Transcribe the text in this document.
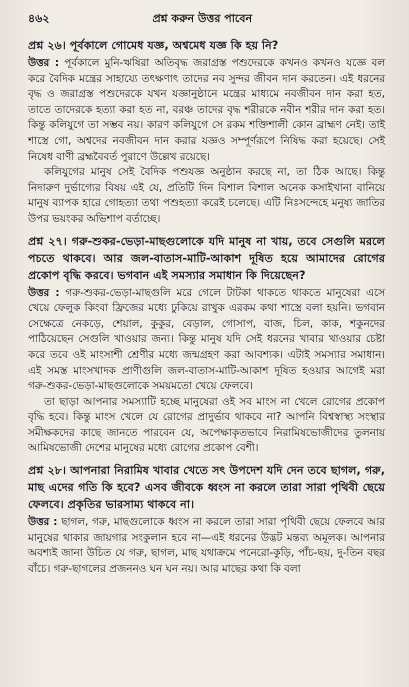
৪৬২	প্রশ্ন করুন উত্তর পাবেন

প্রশ্ন ২৬। পূর্বকালে গোমেধ যজ্ঞ, অশ্বমেধ যজ্ঞ কি হয় নি?

উত্তর : পূর্বকালে মুনি-ঋষিরা অতিবৃদ্ধ জরাগ্রস্ত পশুদেরকে কখনও কখনও যজ্ঞে বল করে বৈদিক মন্ত্রের সাহায্যে তৎক্ষণাৎ তাদের নব সুন্দর জীবন দান করতেন। এই ধরনের বৃদ্ধ ও জরাগ্রস্ত পশুদেরকে যখন যজ্ঞানুষ্ঠানে মন্ত্রের মাধ্যমে নবজীবন দান করা হত, তাতে তাদেরকে হত্যা করা হত না, বরঞ্চ তাদের বৃদ্ধ শরীরকে নবীন শরীর দান করা হত। কিন্তু কলিযুগে তা সম্ভব নয়। কারণ কলিযুগে সে রকম শক্তিশালী কোন ব্রাহ্মণ নেই। তাই শাস্ত্রে গো, অশ্বদের নবজীবন দান করার যজ্ঞও সম্পূর্ণরূপে নিষিদ্ধ করা হয়েছে। সেই নিষেধ বাণী ব্রহ্মবৈবর্ত পুরাণে উল্লেখ রয়েছে।

কলিযুগের মানুষ সেই বৈদিক পশুযজ্ঞ অনুষ্ঠান করছে না, তা ঠিক আছে। কিন্তু নিদারুণ দুর্ভাগ্যের বিষয় এই যে, প্রতিটি দিন বিশাল বিশাল অনেক কসাইখানা বানিয়ে মানুষ ব্যাপক হারে গোহত্যা তথা পশুহত্যা করেই চলেছে। এটি নিঃসন্দেহে মনুষ্য জাতির উপর ভয়ংকর অভিশাপ বর্তাচ্ছে।

প্রশ্ন ২৭। গরু-শুকর-ভেড়া-মাছগুলোকে যদি মানুষ না খায়, তবে সেগুলি মরলে পচতে থাকবে। আর জল-বাতাস-মাটি-আকাশ দূষিত হয়ে আমাদের রোগের প্রকোপ বৃদ্ধি করবে। ভগবান এই সমস্যার সমাধান কি দিয়েছেন?

উত্তর : গরু-শুকর-ভেড়া-মাছগুলি মরে গেলে টাটকা থাকতে থাকতে মানুষেরা এসে খেয়ে ফেলুক কিংবা ফ্রিজের মধ্যে ঢুকিয়ে রাখুক এরকম কথা শাস্ত্রে বলা হয়নি। ভগবান সেক্ষেত্রে নেকড়ে, শেয়াল, কুকুর, বেড়াল, গোসাপ, বাজ, চিল, কাক, শকুনদের পাঠিয়েছেন সেগুলি খাওয়ার জন্য। কিন্তু মানুষ যদি সেই ধরনের খাবার খাওয়ার চেষ্টা করে তবে ওই মাংসাশী শ্রেণীর মধ্যে জন্মগ্রহণ করা আবশ্যক। এটাই সমস্যার সমাধান। এই সমস্ত মাংসখাদক প্রাণীগুলি জল-বাতাস-মাটি-আকাশ দূষিত হওয়ার আগেই মরা গরু-শুকর-ভেড়া-মাছগুলোকে সময়মতো খেয়ে ফেলবে।

তা ছাড়া আপনার সমস্যাটি হচ্ছে মানুষেরা ওই সব মাংস না খেলে রোগের প্রকোপ বৃদ্ধি হবে। কিন্তু মাংস খেলে যে রোগের প্রাদুর্ভাব থাকবে না? আপনি বিশ্বস্বাস্থ্য সংস্থার সমীক্ষকদের কাছে জানতে পারবেন যে, অপেক্ষাকৃতভাবে নিরামিষভোজীদের তুলনায় আমিষভোজী দেশের মানুষের মধ্যে রোগের প্রকোপ বেশী।

প্রশ্ন ২৮। আপনারা নিরামিষ খাবার খেতে সৎ উপদেশ যদি দেন তবে ছাগল, গরু, মাছ এদের গতি কি হবে? এসব জীবকে ধ্বংস না করলে তারা সারা পৃথিবী ছেয়ে ফেলবে। প্রকৃতির ভারসাম্য থাকবে না।

উত্তর : ছাগল, গরু, মাছগুলোকে ধ্বংস না করলে তারা সারা পৃথিবী ছেয়ে ফেলবে আর মানুষের থাকার জায়গার সংকুলান হবে না—এই ধরনের উদ্ভট মন্তব্য অমূলক। আপনার অবশ্যই জানা উচিত যে গরু, ছাগল, মাছ যথাক্রমে পনেরো-কুড়ি, পাঁচ-ছয়, দু-তিন বছর বাঁচে। গরু-ছাগলের প্রজননও ঘন ঘন নয়। আর মাছের কথা কি বলা
